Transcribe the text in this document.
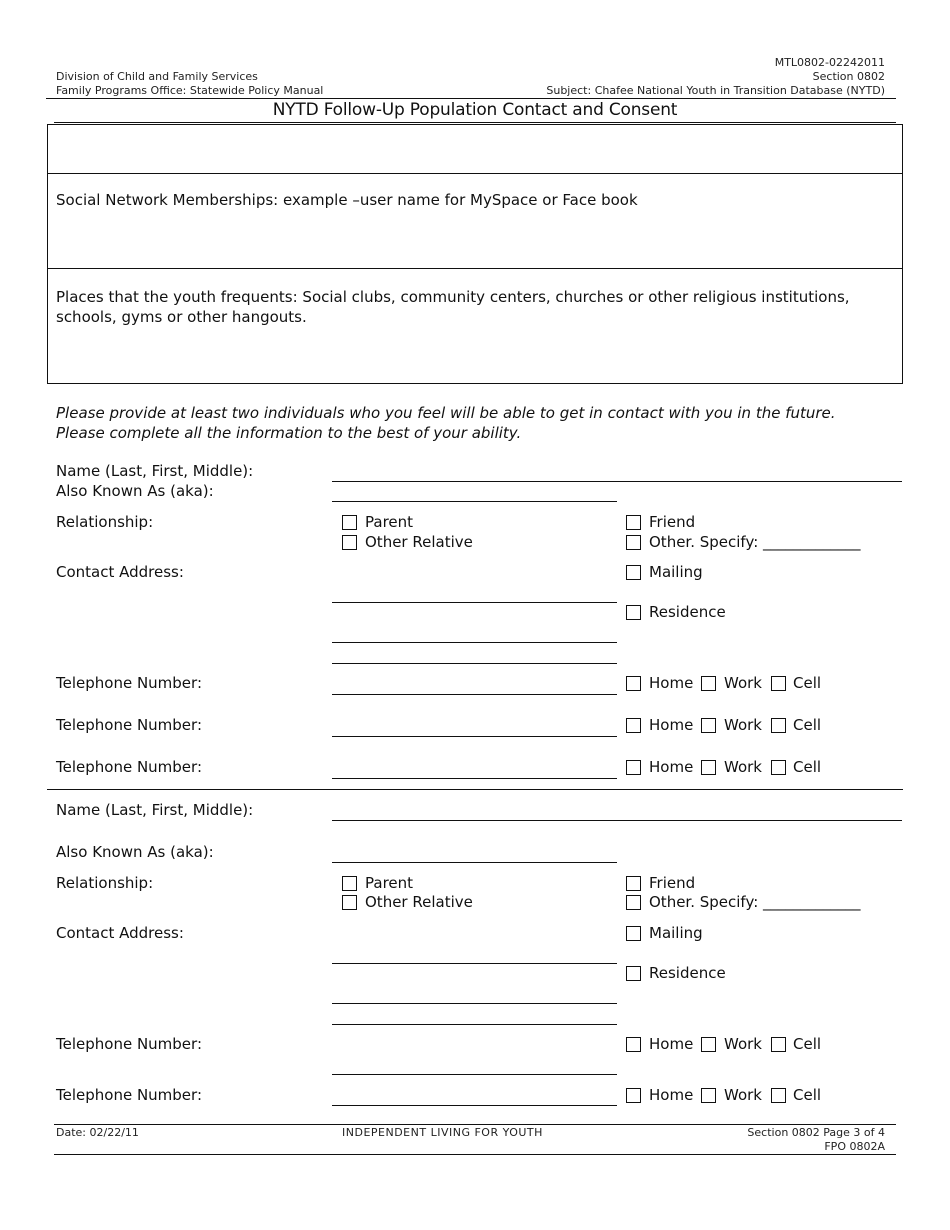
Division of Child and Family Services
Family Programs Office: Statewide Policy Manual
MTL0802-02242011
Section 0802
Subject: Chafee National Youth in Transition Database (NYTD)
NYTD Follow-Up Population Contact and Consent
Social Network Memberships: example –user name for MySpace or Face book
Places that the youth frequents: Social clubs, community centers, churches or other religious institutions, schools, gyms or other hangouts.
Please provide at least two individuals who you feel will be able to get in contact with you in the future.
Please complete all the information to the best of your ability.
Name (Last, First, Middle):
Also Known As (aka):
Relationship:	Parent
Other Relative
Friend
Other. Specify: _____________
Contact Address:	Mailing
Residence
Telephone Number:	Home Work Cell
Telephone Number:	Home Work Cell
Telephone Number:	Home Work Cell
Name (Last, First, Middle):
Also Known As (aka):
Relationship:	Parent
Other Relative
Friend
Other. Specify: _____________
Contact Address:	Mailing
Residence
Telephone Number:	Home Work Cell
Telephone Number:	Home Work Cell
Date: 02/22/11	INDEPENDENT LIVING FOR YOUTH	Section 0802 Page 3 of 4
FPO 0802A
